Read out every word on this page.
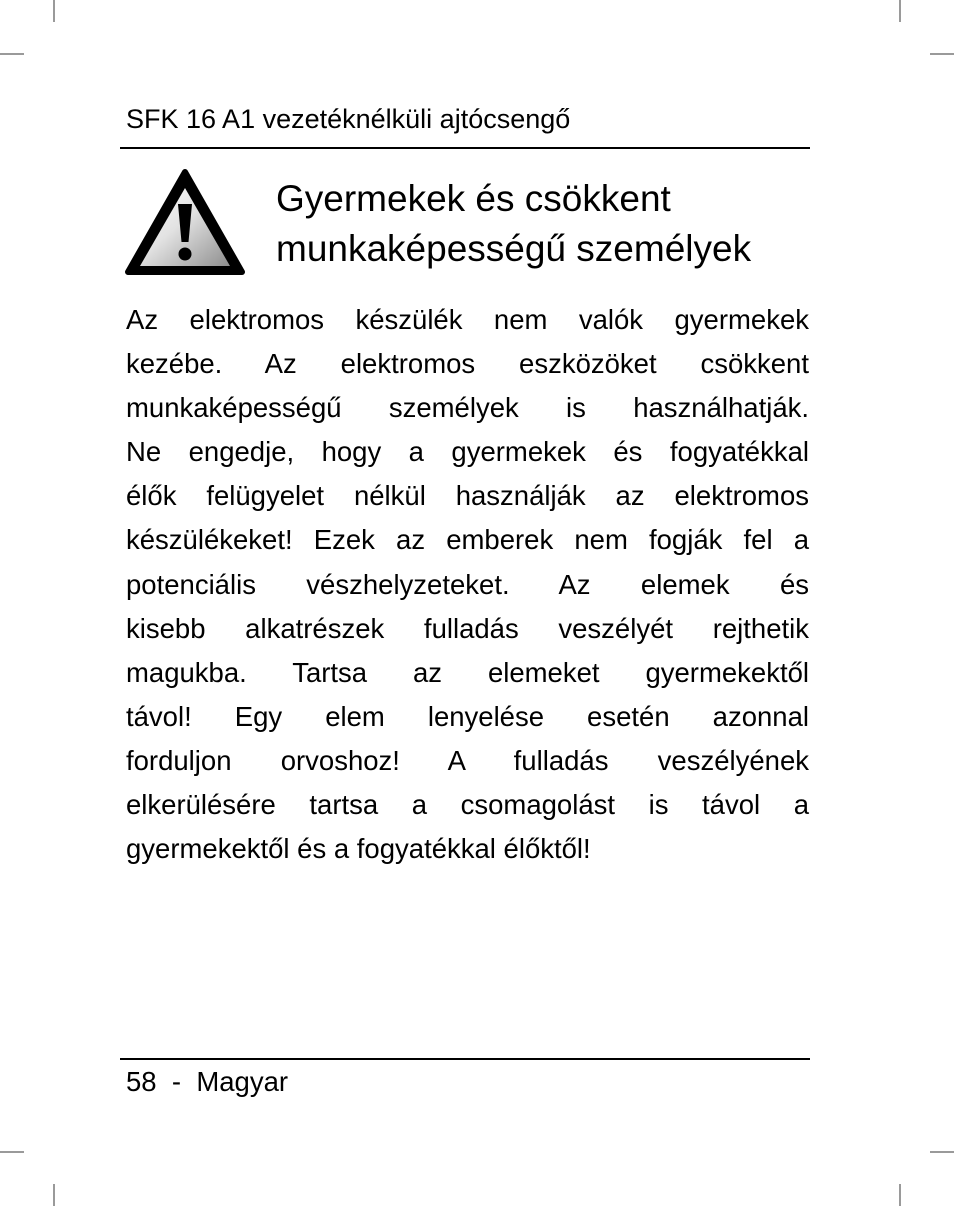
SFK 16 A1 vezetéknélküli ajtócsengő
Gyermekek és csökkent
munkaképességű személyek
Az elektromos készülék nem valók gyermekek
kezébe. Az elektromos eszközöket csökkent
munkaképességű személyek is használhatják.
Ne engedje, hogy a gyermekek és fogyatékkal
élők felügyelet nélkül használják az elektromos
készülékeket! Ezek az emberek nem fogják fel a
potenciális vészhelyzeteket. Az elemek és
kisebb alkatrészek fulladás veszélyét rejthetik
magukba. Tartsa az elemeket gyermekektől
távol! Egy elem lenyelése esetén azonnal
forduljon orvoshoz! A fulladás veszélyének
elkerülésére tartsa a csomagolást is távol a
gyermekektől és a fogyatékkal élőktől!
58 - Magyar
